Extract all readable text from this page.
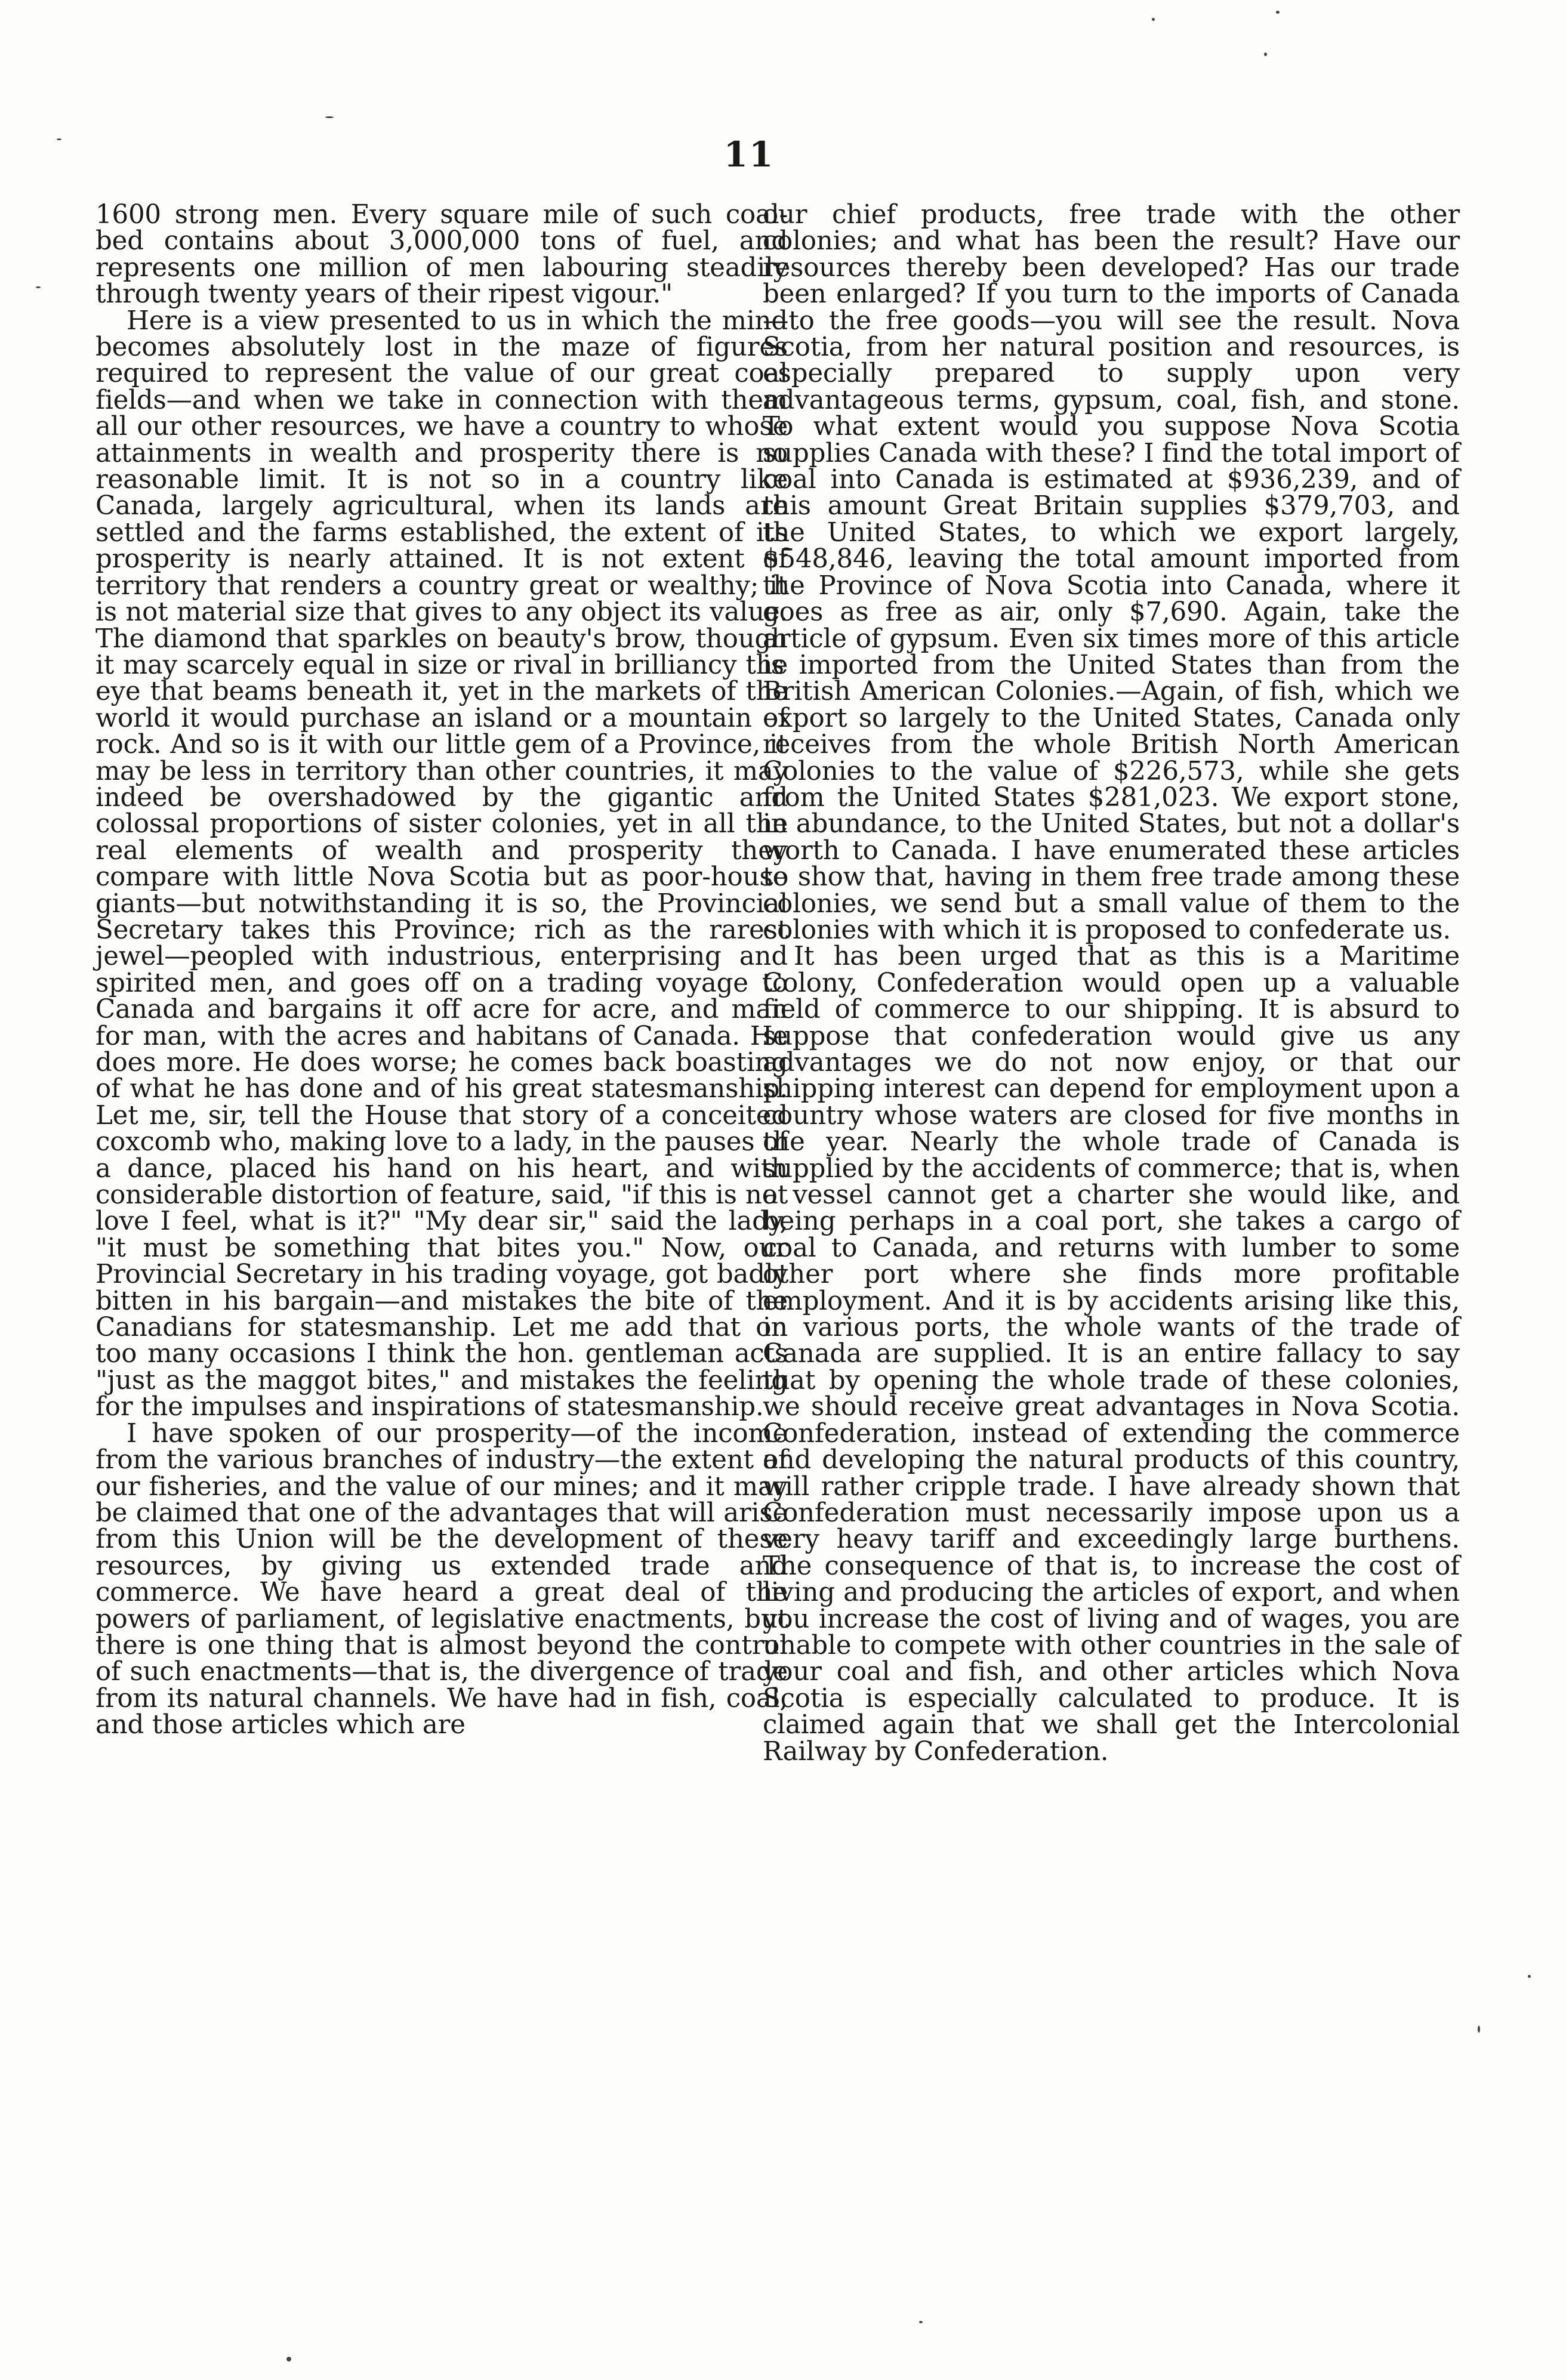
11

1600 strong men. Every square mile of such coal-bed contains about 3,000,000 tons of fuel, and represents one million of men labouring steadily through twenty years of their ripest vigour."

Here is a view presented to us in which the mind becomes absolutely lost in the maze of figures required to represent the value of our great coal fields—and when we take in connection with them all our other resources, we have a country to whose attainments in wealth and prosperity there is no reasonable limit. It is not so in a country like Canada, largely agricultural, when its lands are settled and the farms established, the extent of its prosperity is nearly attained. It is not extent of territory that renders a country great or wealthy; it is not material size that gives to any object its value. The diamond that sparkles on beauty's brow, though it may scarcely equal in size or rival in brilliancy the eye that beams beneath it, yet in the markets of the world it would purchase an island or a mountain of rock. And so is it with our little gem of a Province, it may be less in territory than other countries, it may indeed be overshadowed by the gigantic and colossal proportions of sister colonies, yet in all the real elements of wealth and prosperity they compare with little Nova Scotia but as poor-house giants—but notwithstanding it is so, the Provincial Secretary takes this Province; rich as the rarest jewel—peopled with industrious, enterprising and spirited men, and goes off on a trading voyage to Canada and bargains it off acre for acre, and man for man, with the acres and habitans of Canada. He does more. He does worse; he comes back boasting of what he has done and of his great statesmanship. Let me, sir, tell the House that story of a conceited coxcomb who, making love to a lady, in the pauses of a dance, placed his hand on his heart, and with considerable distortion of feature, said, "if this is not love I feel, what is it?" "My dear sir," said the lady, "it must be something that bites you." Now, our Provincial Secretary in his trading voyage, got badly bitten in his bargain—and mistakes the bite of the Canadians for statesmanship. Let me add that on too many occasions I think the hon. gentleman acts "just as the maggot bites," and mistakes the feeling for the impulses and inspirations of statesmanship.

I have spoken of our prosperity—of the income from the various branches of industry—the extent of our fisheries, and the value of our mines; and it may be claimed that one of the advantages that will arise from this Union will be the development of these resources, by giving us extended trade and commerce. We have heard a great deal of the powers of parliament, of legislative enactments, but there is one thing that is almost beyond the control of such enactments—that is, the divergence of trade from its natural channels. We have had in fish, coal, and those articles which are

our chief products, free trade with the other colonies; and what has been the result? Have our resources thereby been developed? Has our trade been enlarged? If you turn to the imports of Canada—to the free goods—you will see the result. Nova Scotia, from her natural position and resources, is especially prepared to supply upon very advantageous terms, gypsum, coal, fish, and stone. To what extent would you suppose Nova Scotia supplies Canada with these? I find the total import of coal into Canada is estimated at $936,239, and of this amount Great Britain supplies $379,703, and the United States, to which we export largely, $548,846, leaving the total amount imported from the Province of Nova Scotia into Canada, where it goes as free as air, only $7,690. Again, take the article of gypsum. Even six times more of this article is imported from the United States than from the British American Colonies.—Again, of fish, which we export so largely to the United States, Canada only receives from the whole British North American Colonies to the value of $226,573, while she gets from the United States $281,023. We export stone, in abundance, to the United States, but not a dollar's worth to Canada. I have enumerated these articles to show that, having in them free trade among these colonies, we send but a small value of them to the colonies with which it is proposed to confederate us.

It has been urged that as this is a Maritime Colony, Confederation would open up a valuable field of commerce to our shipping. It is absurd to suppose that confederation would give us any advantages we do not now enjoy, or that our shipping interest can depend for employment upon a country whose waters are closed for five months in the year. Nearly the whole trade of Canada is supplied by the accidents of commerce; that is, when a vessel cannot get a charter she would like, and being perhaps in a coal port, she takes a cargo of coal to Canada, and returns with lumber to some other port where she finds more profitable employment. And it is by accidents arising like this, in various ports, the whole wants of the trade of Canada are supplied. It is an entire fallacy to say that by opening the whole trade of these colonies, we should receive great advantages in Nova Scotia. Confederation, instead of extending the commerce and developing the natural products of this country, will rather cripple trade. I have already shown that Confederation must necessarily impose upon us a very heavy tariff and exceedingly large burthens. The consequence of that is, to increase the cost of living and producing the articles of export, and when you increase the cost of living and of wages, you are unable to compete with other countries in the sale of your coal and fish, and other articles which Nova Scotia is especially calculated to produce. It is claimed again that we shall get the Intercolonial Railway by Confederation.
